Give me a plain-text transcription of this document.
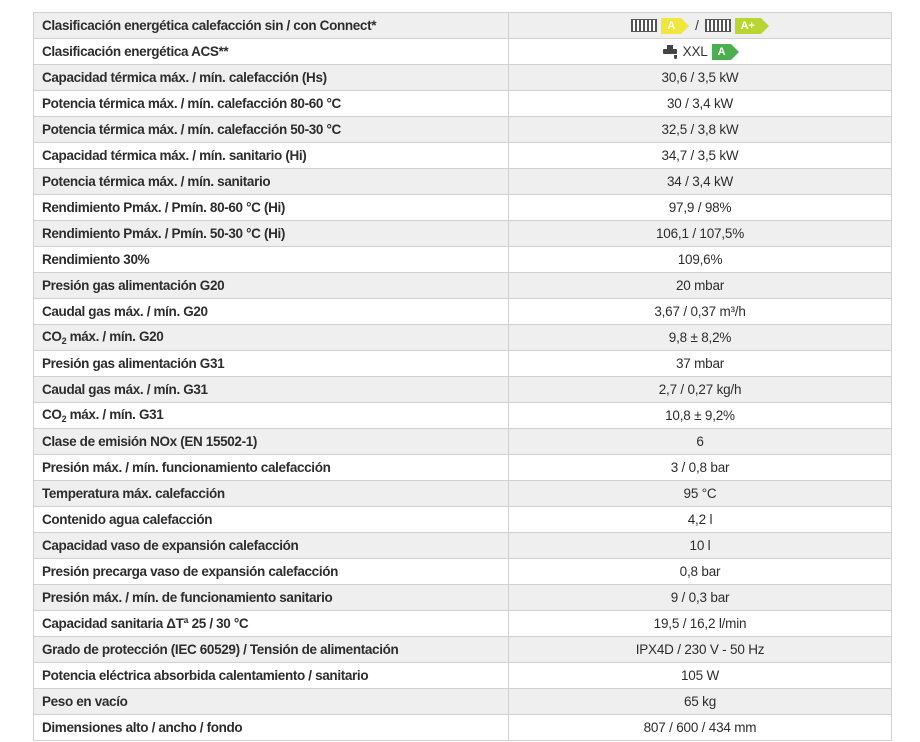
Clasificación energética calefacción sin / con Connect*	A / A+

Clasificación energética ACS**	XXL A

Capacidad térmica máx. / mín. calefacción (Hs)	30,6 / 3,5 kW
Potencia térmica máx. / mín. calefacción 80-60 °C	30 / 3,4 kW
Potencia térmica máx. / mín. calefacción 50-30 °C	32,5 / 3,8 kW
Capacidad térmica máx. / mín. sanitario (Hi)	34,7 / 3,5 kW
Potencia térmica máx. / mín. sanitario	34 / 3,4 kW
Rendimiento Pmáx. / Pmín. 80-60 °C (Hi)	97,9 / 98%
Rendimiento Pmáx. / Pmín. 50-30 °C (Hi)	106,1 / 107,5%
Rendimiento 30%	109,6%
Presión gas alimentación G20	20 mbar
Caudal gas máx. / mín. G20	3,67 / 0,37 m³/h
$CO_2$ máx. / mín. G20	9,8 ± 8,2%
Presión gas alimentación G31	37 mbar
Caudal gas máx. / mín. G31	2,7 / 0,27 kg/h
$CO_2$ máx. / mín. G31	10,8 ± 9,2%
Clase de emisión NOx (EN 15502-1)	6
Presión máx. / mín. funcionamiento calefacción	3 / 0,8 bar
Temperatura máx. calefacción	95 °C
Contenido agua calefacción	4,2 l
Capacidad vaso de expansión calefacción	10 l
Presión precarga vaso de expansión calefacción	0,8 bar
Presión máx. / mín. de funcionamiento sanitario	9 / 0,3 bar
Capacidad sanitaria ΔTª 25 / 30 °C	19,5 / 16,2 l/min
Grado de protección (IEC 60529) / Tensión de alimentación	IPX4D / 230 V - 50 Hz
Potencia eléctrica absorbida calentamiento / sanitario	105 W
Peso en vacío	65 kg
Dimensiones alto / ancho / fondo	807 / 600 / 434 mm
